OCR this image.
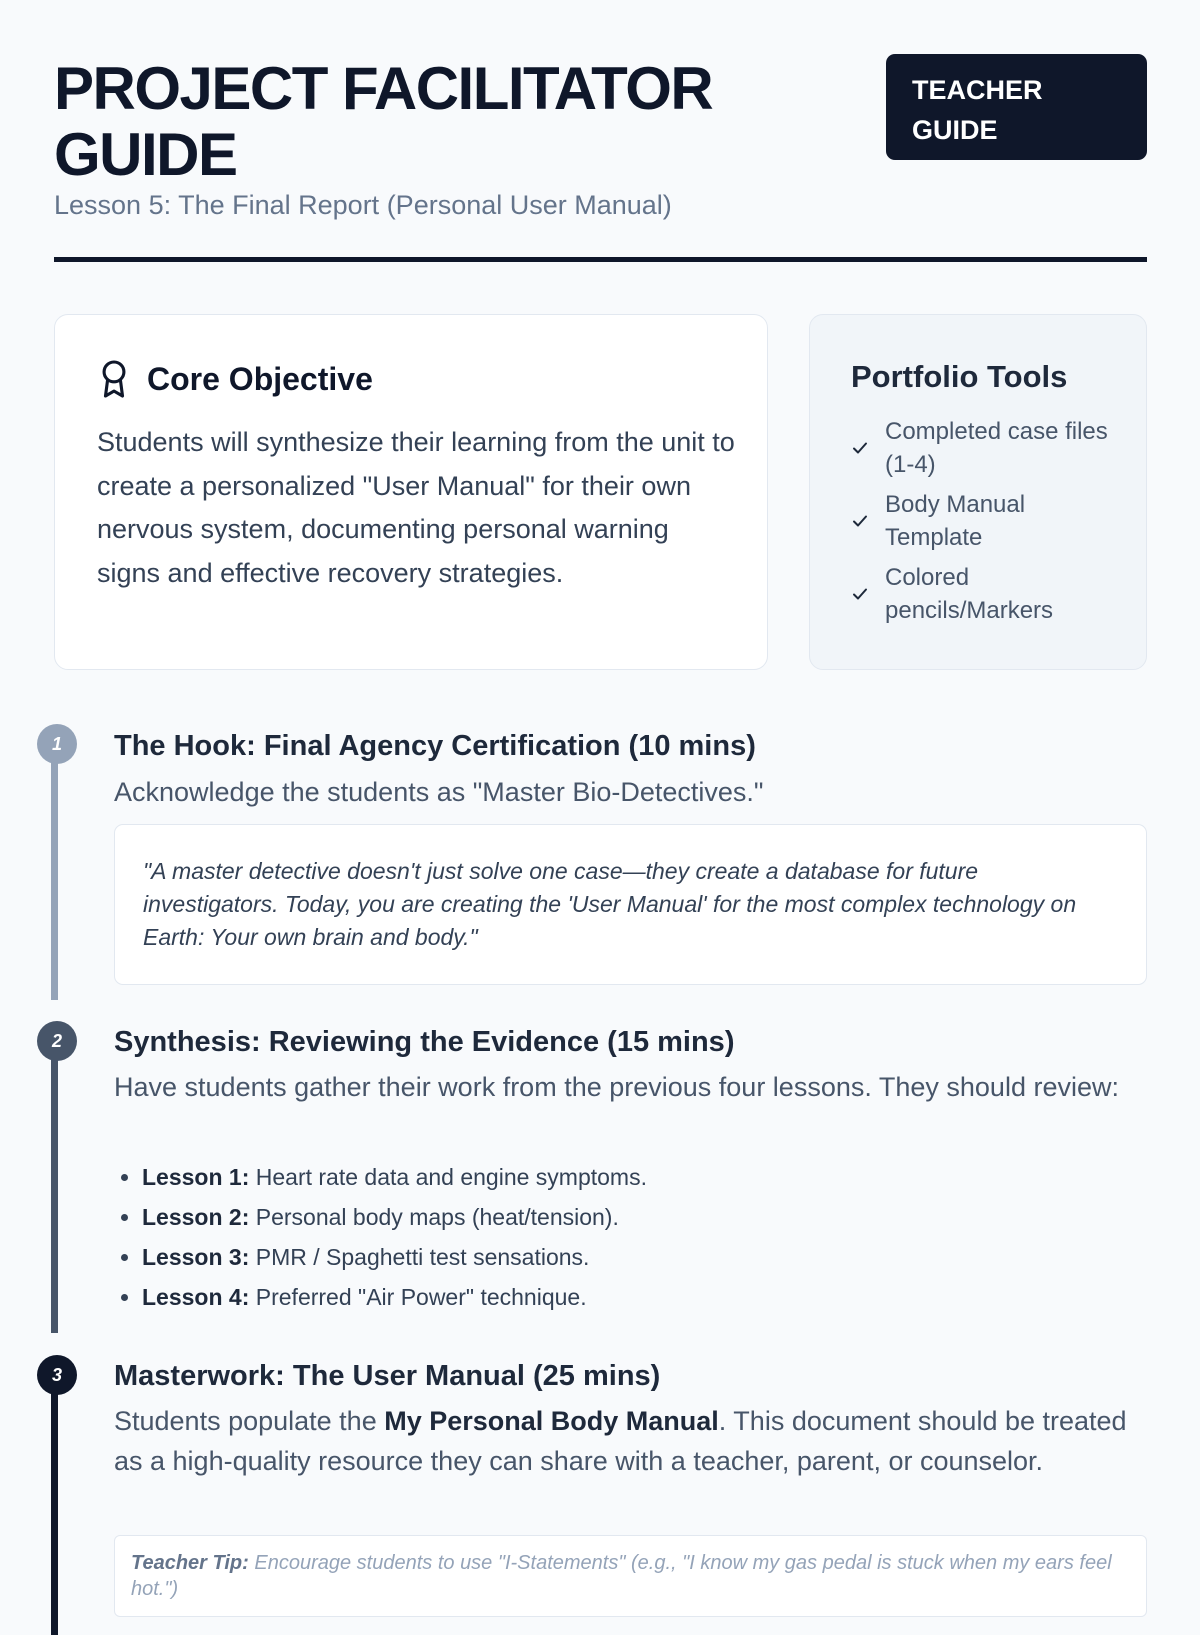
PROJECT FACILITATOR GUIDE
Lesson 5: The Final Report (Personal User Manual)
TEACHER GUIDE
Core Objective

Students will synthesize their learning from the unit to create a personalized "User Manual" for their own nervous system, documenting personal warning signs and effective recovery strategies.

Portfolio Tools
Completed case files (1-4)
Body Manual Template
Colored pencils/Markers
1	The Hook: Final Agency Certification (10 mins)

Acknowledge the students as "Master Bio-Detectives."

"A master detective doesn't just solve one case—they create a database for future investigators. Today, you are creating the 'User Manual' for the most complex technology on Earth: Your own brain and body."
2	Synthesis: Reviewing the Evidence (15 mins)

Have students gather their work from the previous four lessons. They should review:

• Lesson 1: Heart rate data and engine symptoms.
• Lesson 2: Personal body maps (heat/tension).
• Lesson 3: PMR / Spaghetti test sensations.
• Lesson 4: Preferred "Air Power" technique.
3	Masterwork: The User Manual (25 mins)

Students populate the My Personal Body Manual. This document should be treated as a high-quality resource they can share with a teacher, parent, or counselor.

Teacher Tip: Encourage students to use "I-Statements" (e.g., "I know my gas pedal is stuck when my ears feel hot.")
